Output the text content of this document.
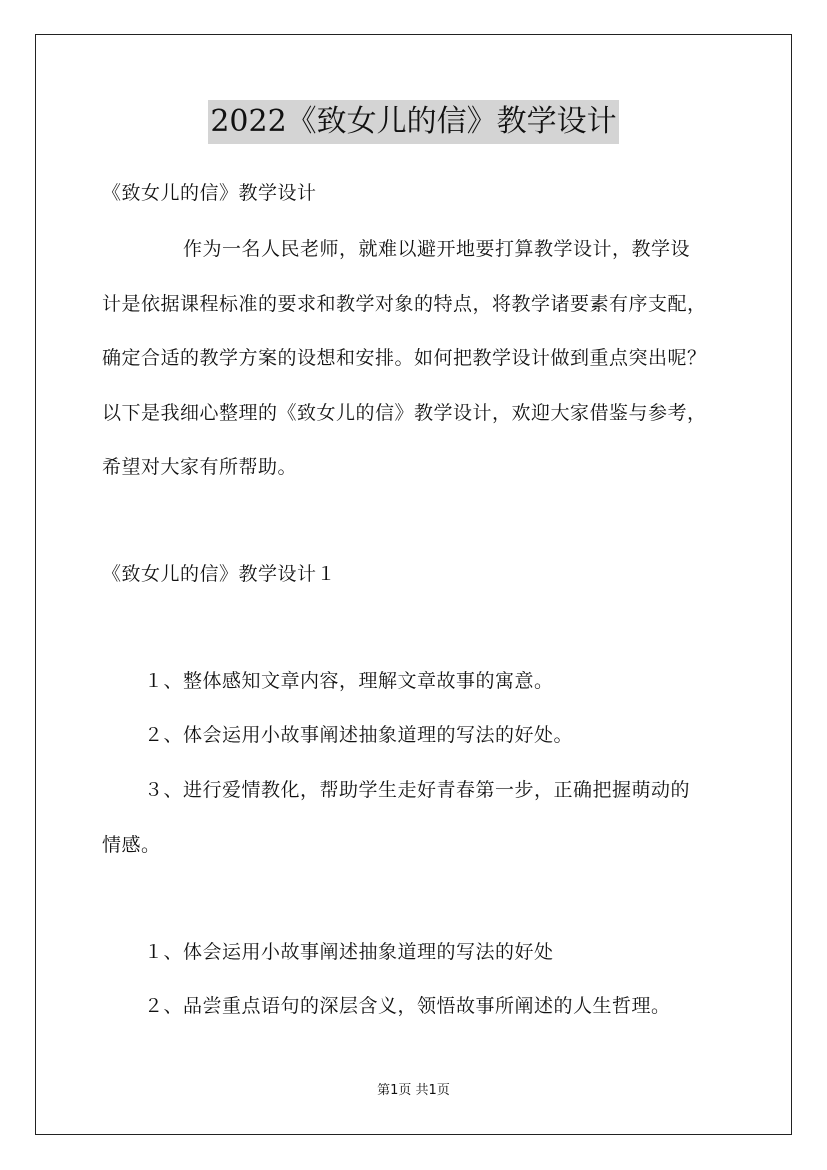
2022《致女儿的信》教学设计
《致女儿的信》教学设计
作为一名人民老师，就难以避开地要打算教学设计，教学设
计是依据课程标准的要求和教学对象的特点，将教学诸要素有序支配，
确定合适的教学方案的设想和安排。如何把教学设计做到重点突出呢？
以下是我细心整理的《致女儿的信》教学设计，欢迎大家借鉴与参考，
希望对大家有所帮助。
《致女儿的信》教学设计１
１、整体感知文章内容，理解文章故事的寓意。
２、体会运用小故事阐述抽象道理的写法的好处。
３、进行爱情教化，帮助学生走好青春第一步，正确把握萌动的
情感。
１、体会运用小故事阐述抽象道理的写法的好处
２、品尝重点语句的深层含义，领悟故事所阐述的人生哲理。
第1页 共1页
